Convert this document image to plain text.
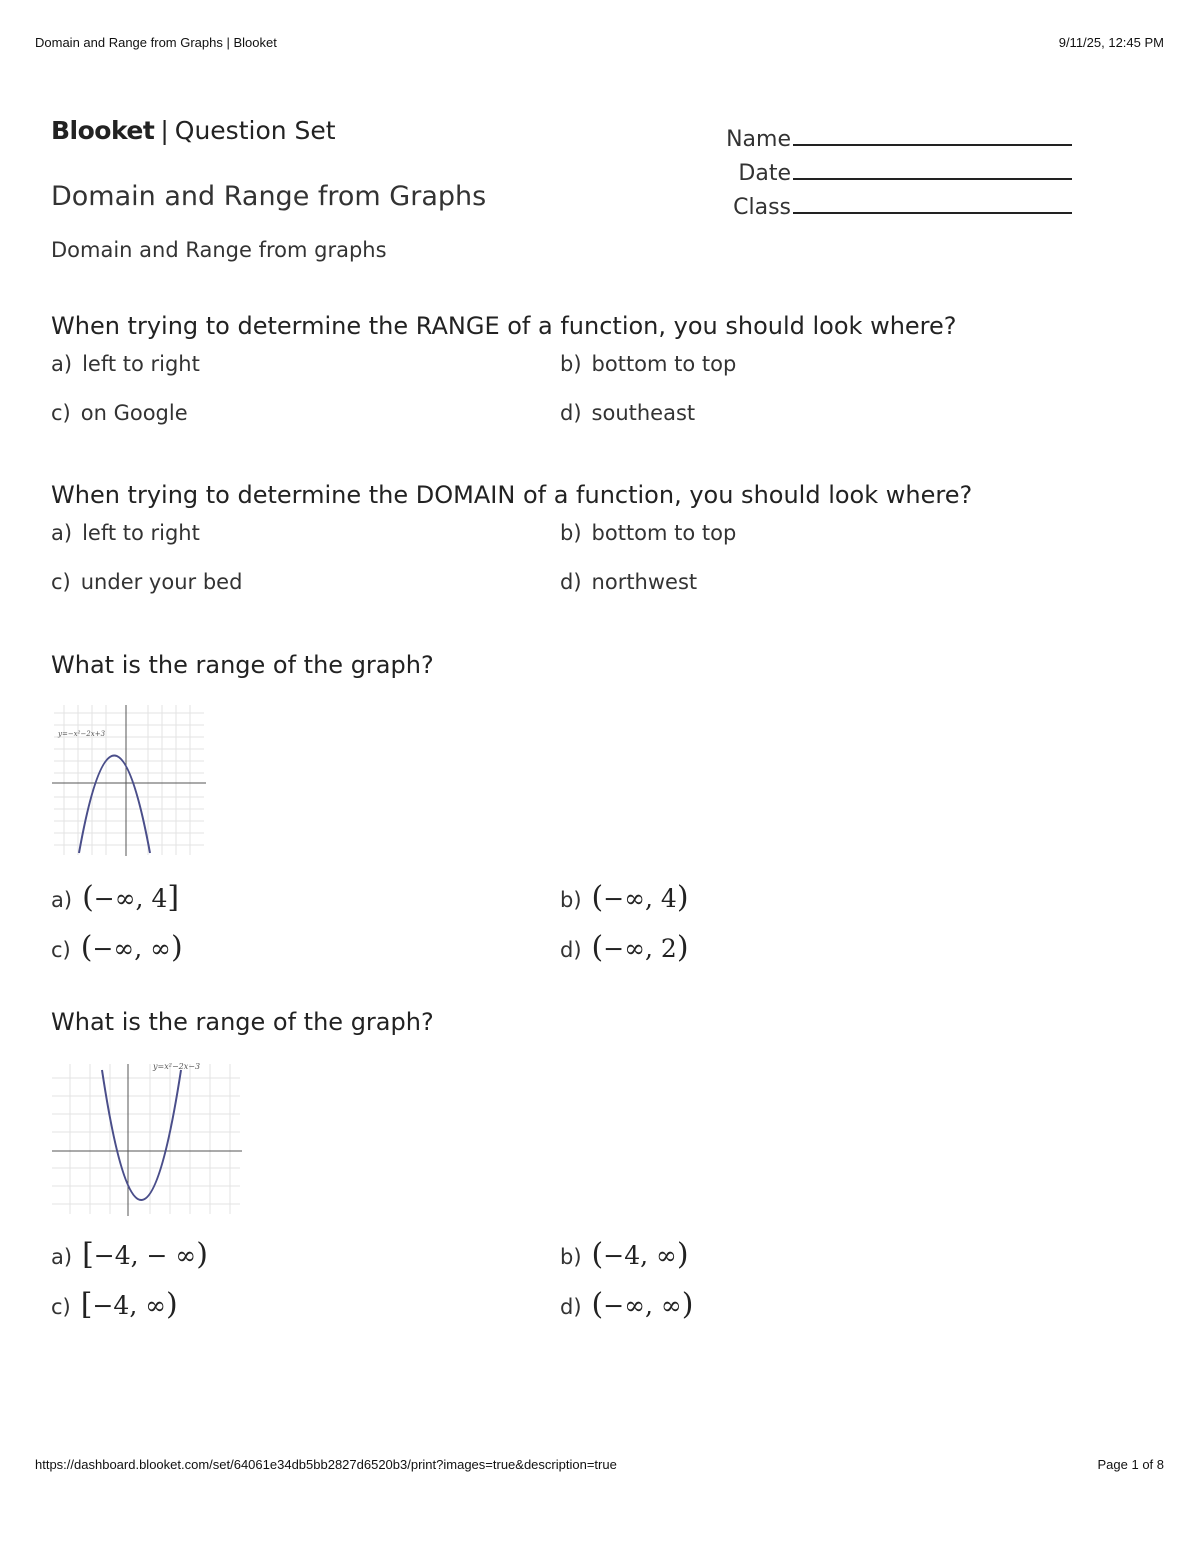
Domain and Range from Graphs | Blooket	9/11/25, 12:45 PM
Blooket | Question Set	Name
Date
Class
Domain and Range from Graphs

Domain and Range from graphs

When trying to determine the RANGE of a function, you should look where?
a) left to right	b) bottom to top
c) on Google	d) southeast
When trying to determine the DOMAIN of a function, you should look where?
a) left to right	b) bottom to top
c) under your bed	d) northwest
What is the range of the graph?
y=−x²−2x+3
a) (−∞, 4]	b) (−∞, 4)
c) (−∞, ∞)	d) (−∞, 2)
What is the range of the graph?
y=x²−2x−3
a) [−4, − ∞)	b) (−4, ∞)
c) [−4, ∞)	d) (−∞, ∞)
https://dashboard.blooket.com/set/64061e34db5bb2827d6520b3/print?images=true&description=true	Page 1 of 8
